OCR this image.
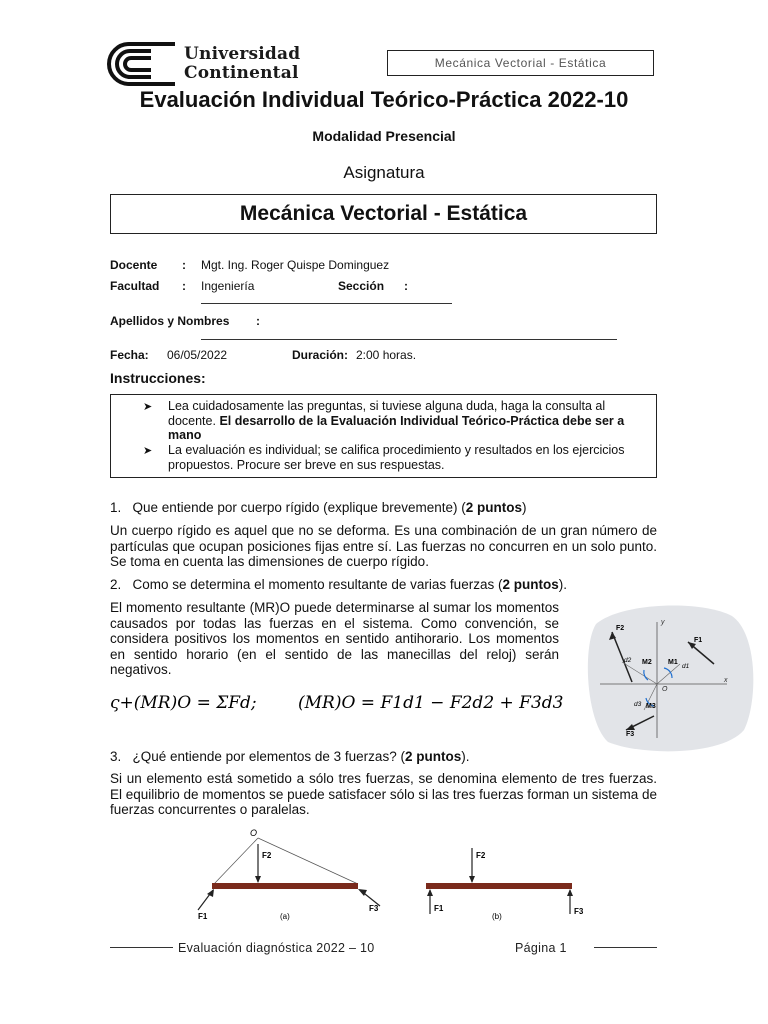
Universidad
Continental	Mecánica Vectorial - Estática
Evaluación Individual Teórico-Práctica 2022-10
Modalidad Presencial
Asignatura
Mecánica Vectorial - Estática
Docente : Mgt. Ing. Roger Quispe Dominguez
Facultad : Ingeniería	Sección :
Apellidos y Nombres :
Fecha: 06/05/2022	Duración: 2:00 horas.
Instrucciones:
➤ Lea cuidadosamente las preguntas, si tuviese alguna duda, haga la consulta al docente. El desarrollo de la Evaluación Individual Teórico-Práctica debe ser a mano
➤ La evaluación es individual; se califica procedimiento y resultados en los ejercicios propuestos. Procure ser breve en sus respuestas.
1. Que entiende por cuerpo rígido (explique brevemente) (2 puntos)
Un cuerpo rígido es aquel que no se deforma. Es una combinación de un gran número de partículas que ocupan posiciones fijas entre sí. Las fuerzas no concurren en un solo punto. Se toma en cuenta las dimensiones de cuerpo rígido.
2. Como se determina el momento resultante de varias fuerzas (2 puntos).
El momento resultante (MR)O puede determinarse al sumar los momentos causados por todas las fuerzas en el sistema. Como convención, se considera positivos los momentos en sentido antihorario. Los momentos en sentido horario (en el sentido de las manecillas del reloj) serán negativos.
ς+(MR)O = ΣFd; (MR)O = F1d1 − F2d2 + F3d3
y
x
O
F2
d2
F1
d1
F3
d3
M1
M2
M3
3. ¿Qué entiende por elementos de 3 fuerzas? (2 puntos).
Si un elemento está sometido a sólo tres fuerzas, se denomina elemento de tres fuerzas. El equilibrio de momentos se puede satisfacer sólo si las tres fuerzas forman un sistema de fuerzas concurrentes o paralelas.
O
F2
F1
F3
(a)
F2
F1	F3
(b)
Evaluación diagnóstica 2022 – 10	Página 1
